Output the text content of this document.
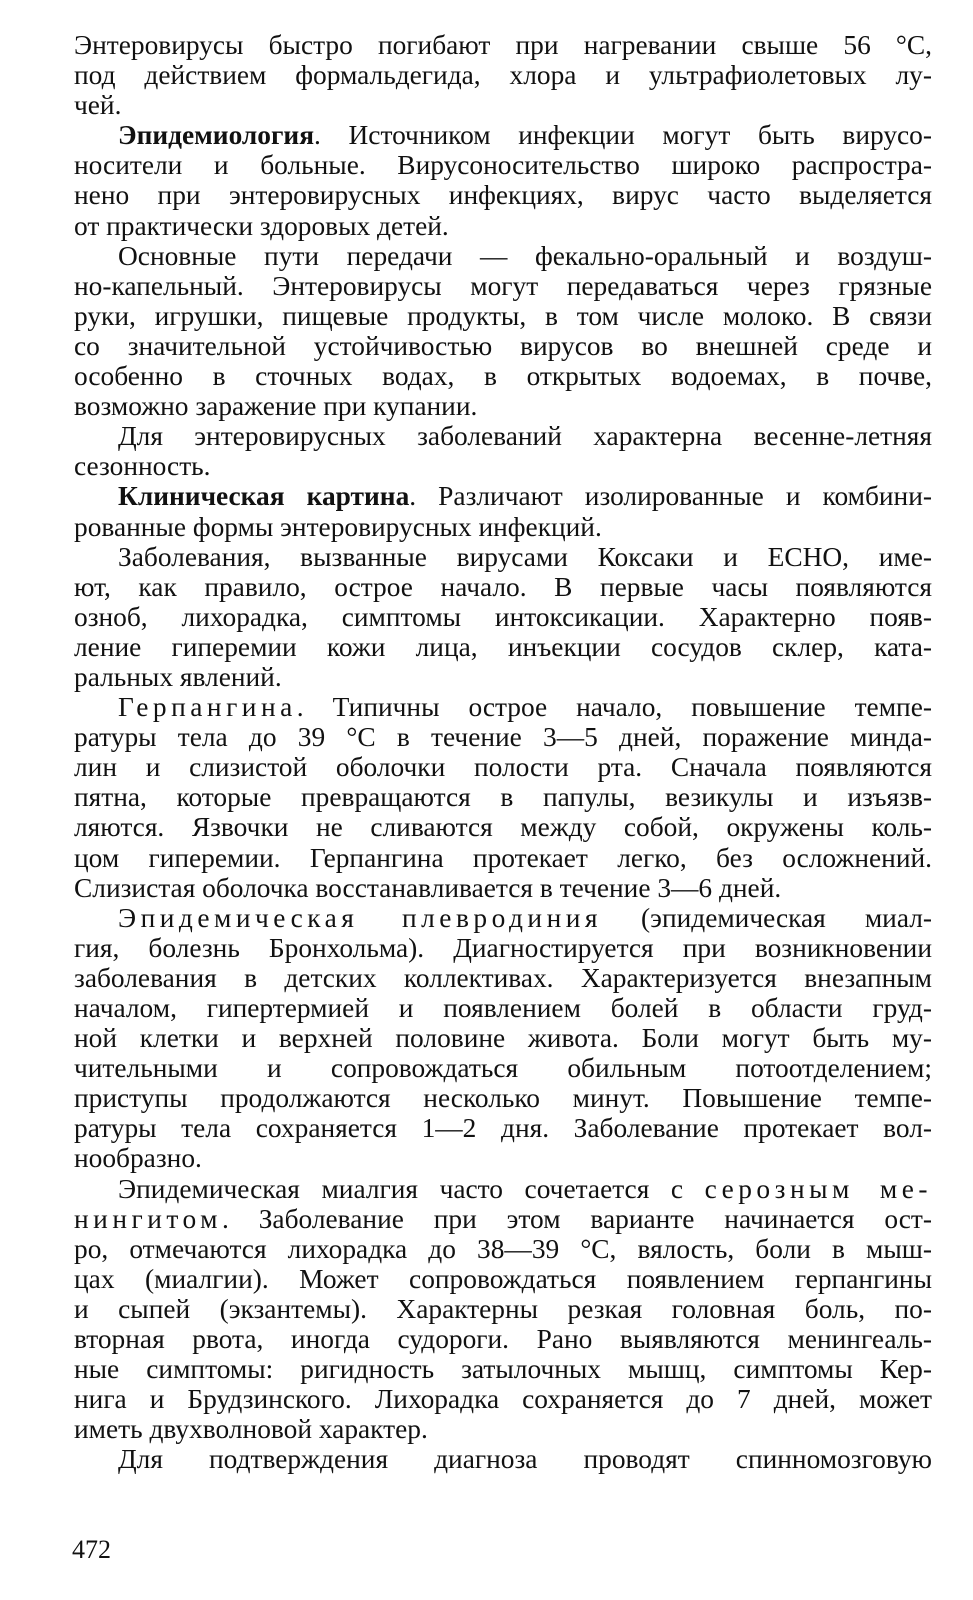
Энтеровирусы быстро погибают при нагревании свыше 56 °С,
под действием формальдегида, хлора и ультрафиолетовых лу-
чей.
Эпидемиология. Источником инфекции могут быть вирусо-
носители и больные. Вирусоносительство широко распростра-
нено при энтеровирусных инфекциях, вирус часто выделяется
от практически здоровых детей.
Основные пути передачи — фекально-оральный и воздуш-
но-капельный. Энтеровирусы могут передаваться через грязные
руки, игрушки, пищевые продукты, в том числе молоко. В связи
со значительной устойчивостью вирусов во внешней среде и
особенно в сточных водах, в открытых водоемах, в почве,
возможно заражение при купании.
Для энтеровирусных заболеваний характерна весенне-летняя
сезонность.
Клиническая картина. Различают изолированные и комбини-
рованные формы энтеровирусных инфекций.
Заболевания, вызванные вирусами Коксаки и ECHO, име-
ют, как правило, острое начало. В первые часы появляются
озноб, лихорадка, симптомы интоксикации. Характерно появ-
ление гиперемии кожи лица, инъекции сосудов склер, ката-
ральных явлений.
Герпангина. Типичны острое начало, повышение темпе-
ратуры тела до 39 °С в течение 3—5 дней, поражение минда-
лин и слизистой оболочки полости рта. Сначала появляются
пятна, которые превращаются в папулы, везикулы и изъязв-
ляются. Язвочки не сливаются между собой, окружены коль-
цом гиперемии. Герпангина протекает легко, без осложнений.
Слизистая оболочка восстанавливается в течение 3—6 дней.
Эпидемическая плевродиния (эпидемическая миал-
гия, болезнь Бронхольма). Диагностируется при возникновении
заболевания в детских коллективах. Характеризуется внезапным
началом, гипертермией и появлением болей в области груд-
ной клетки и верхней половине живота. Боли могут быть му-
чительными и сопровождаться обильным потоотделением;
приступы продолжаются несколько минут. Повышение темпе-
ратуры тела сохраняется 1—2 дня. Заболевание протекает вол-
нообразно.
Эпидемическая миалгия часто сочетается с серозным ме-
нингитом. Заболевание при этом варианте начинается ост-
ро, отмечаются лихорадка до 38—39 °С, вялость, боли в мыш-
цах (миалгии). Может сопровождаться появлением герпангины
и сыпей (экзантемы). Характерны резкая головная боль, по-
вторная рвота, иногда судороги. Рано выявляются менингеаль-
ные симптомы: ригидность затылочных мышц, симптомы Кер-
нига и Брудзинского. Лихорадка сохраняется до 7 дней, может
иметь двухволновой характер.
Для подтверждения диагноза проводят спинномозговую
472
